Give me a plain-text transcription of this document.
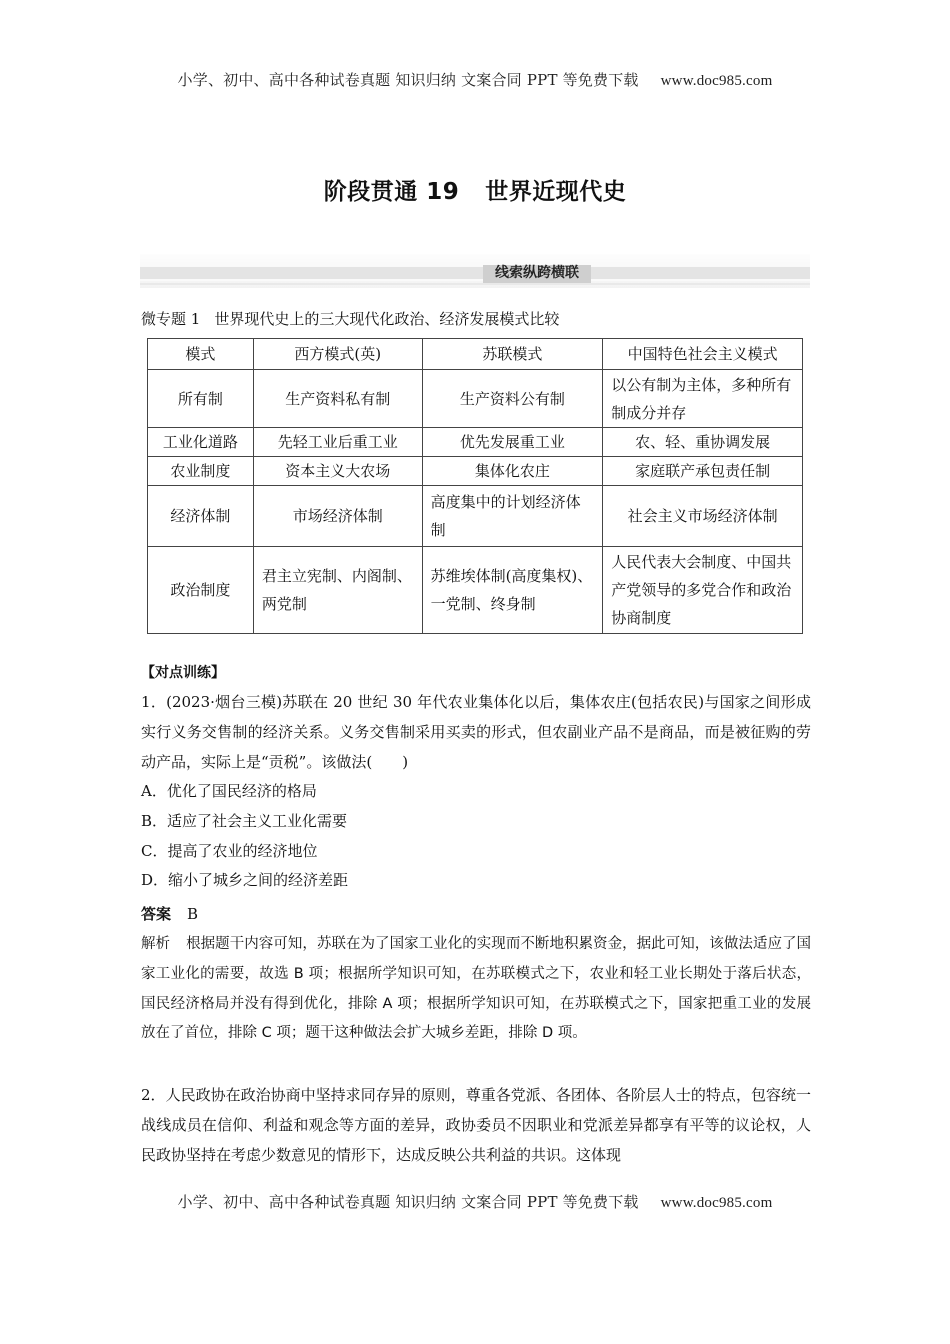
小学、初中、高中各种试卷真题 知识归纳 文案合同 PPT 等免费下载 www.doc985.com
阶段贯通 19 世界近现代史
线索纵跨横联
微专题 1 世界现代史上的三大现代化政治、经济发展模式比较
模式	西方模式(英)	苏联模式	中国特色社会主义模式
所有制	生产资料私有制	生产资料公有制	以公有制为主体，多种所有制成分并存
工业化道路	先轻工业后重工业	优先发展重工业	农、轻、重协调发展
农业制度	资本主义大农场	集体化农庄	家庭联产承包责任制
经济体制	市场经济体制	高度集中的计划经济体制	社会主义市场经济体制
政治制度	君主立宪制、内阁制、两党制	苏维埃体制(高度集权)、一党制、终身制	人民代表大会制度、中国共产党领导的多党合作和政治协商制度
【对点训练】
1．(2023·烟台三模)苏联在 20 世纪 30 年代农业集体化以后，集体农庄(包括农民)与国家之间形成实行义务交售制的经济关系。义务交售制采用买卖的形式，但农副业产品不是商品，而是被征购的劳动产品，实际上是“贡税”。该做法(　　)

A．优化了国民经济的格局

B．适应了社会主义工业化需要

C．提高了农业的经济地位

D．缩小了城乡之间的经济差距

答案 B
解析 根据题干内容可知，苏联在为了国家工业化的实现而不断地积累资金，据此可知，该做法适应了国家工业化的需要，故选 B 项；根据所学知识可知，在苏联模式之下，农业和轻工业长期处于落后状态，国民经济格局并没有得到优化，排除 A 项；根据所学知识可知，在苏联模式之下，国家把重工业的发展放在了首位，排除 C 项；题干这种做法会扩大城乡差距，排除 D 项。
2．人民政协在政治协商中坚持求同存异的原则，尊重各党派、各团体、各阶层人士的特点，包容统一战线成员在信仰、利益和观念等方面的差异，政协委员不因职业和党派差异都享有平等的议论权，人民政协坚持在考虑少数意见的情形下，达成反映公共利益的共识。这体现
小学、初中、高中各种试卷真题 知识归纳 文案合同 PPT 等免费下载 www.doc985.com
